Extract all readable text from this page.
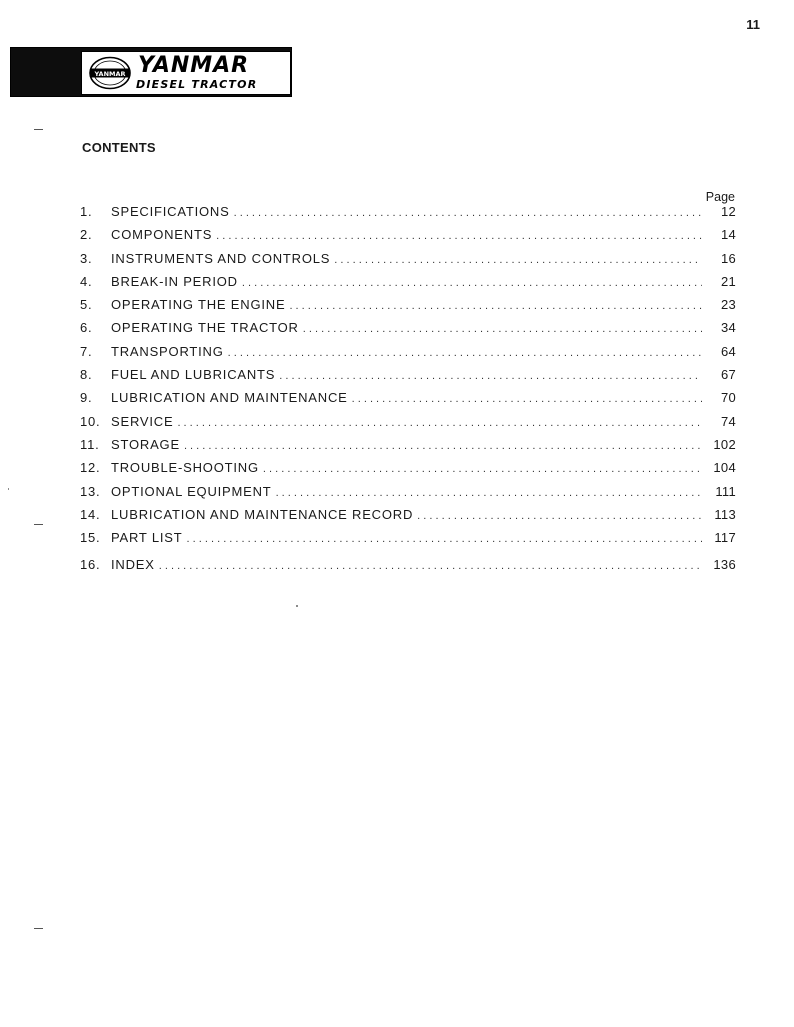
11
YANMAR YANMAR
DIESEL TRACTOR
CONTENTS
Page
1.	SPECIFICATIONS . . .	12
2.	COMPONENTS . . .	14
3.	INSTRUMENTS AND CONTROLS . . .	16
4.	BREAK-IN PERIOD . . .	21
5.	OPERATING THE ENGINE . . .	23
6.	OPERATING THE TRACTOR . . .	34
7.	TRANSPORTING . . .	64
8.	FUEL AND LUBRICANTS . . .	67
9.	LUBRICATION AND MAINTENANCE . . .	70
10. SERVICE . . .	74
11. STORAGE . . .	102
12. TROUBLE-SHOOTING . . .	104
13. OPTIONAL EQUIPMENT . . .	111
14. LUBRICATION AND MAINTENANCE RECORD . . .	113
15. PART LIST . . .	117
16. INDEX . . .	136
